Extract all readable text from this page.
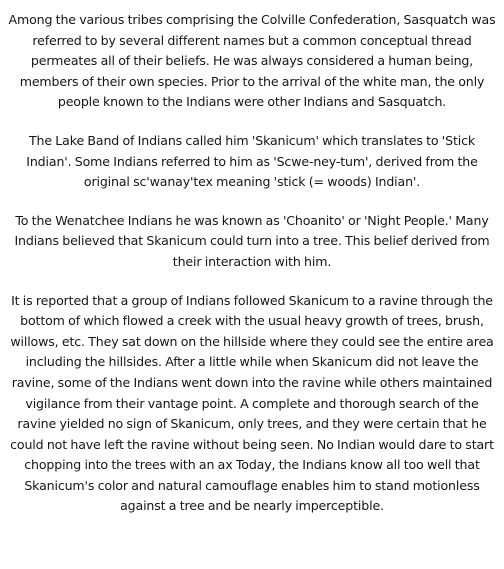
Among the various tribes comprising the Colville Confederation, Sasquatch was referred to by several different names but a common conceptual thread permeates all of their beliefs. He was always considered a human being, members of their own species. Prior to the arrival of the white man, the only people known to the Indians were other Indians and Sasquatch.

The Lake Band of Indians called him 'Skanicum' which translates to 'Stick Indian'. Some Indians referred to him as 'Scwe-ney-tum', derived from the original sc'wanay'tex meaning 'stick (= woods) Indian'.

To the Wenatchee Indians he was known as 'Choanito' or 'Night People.' Many Indians believed that Skanicum could turn into a tree. This belief derived from their interaction with him.

It is reported that a group of Indians followed Skanicum to a ravine through the bottom of which flowed a creek with the usual heavy growth of trees, brush, willows, etc. They sat down on the hillside where they could see the entire area including the hillsides. After a little while when Skanicum did not leave the ravine, some of the Indians went down into the ravine while others maintained vigilance from their vantage point. A complete and thorough search of the ravine yielded no sign of Skanicum, only trees, and they were certain that he could not have left the ravine without being seen. No Indian would dare to start chopping into the trees with an ax Today, the Indians know all too well that Skanicum's color and natural camouflage enables him to stand motionless against a tree and be nearly imperceptible.
